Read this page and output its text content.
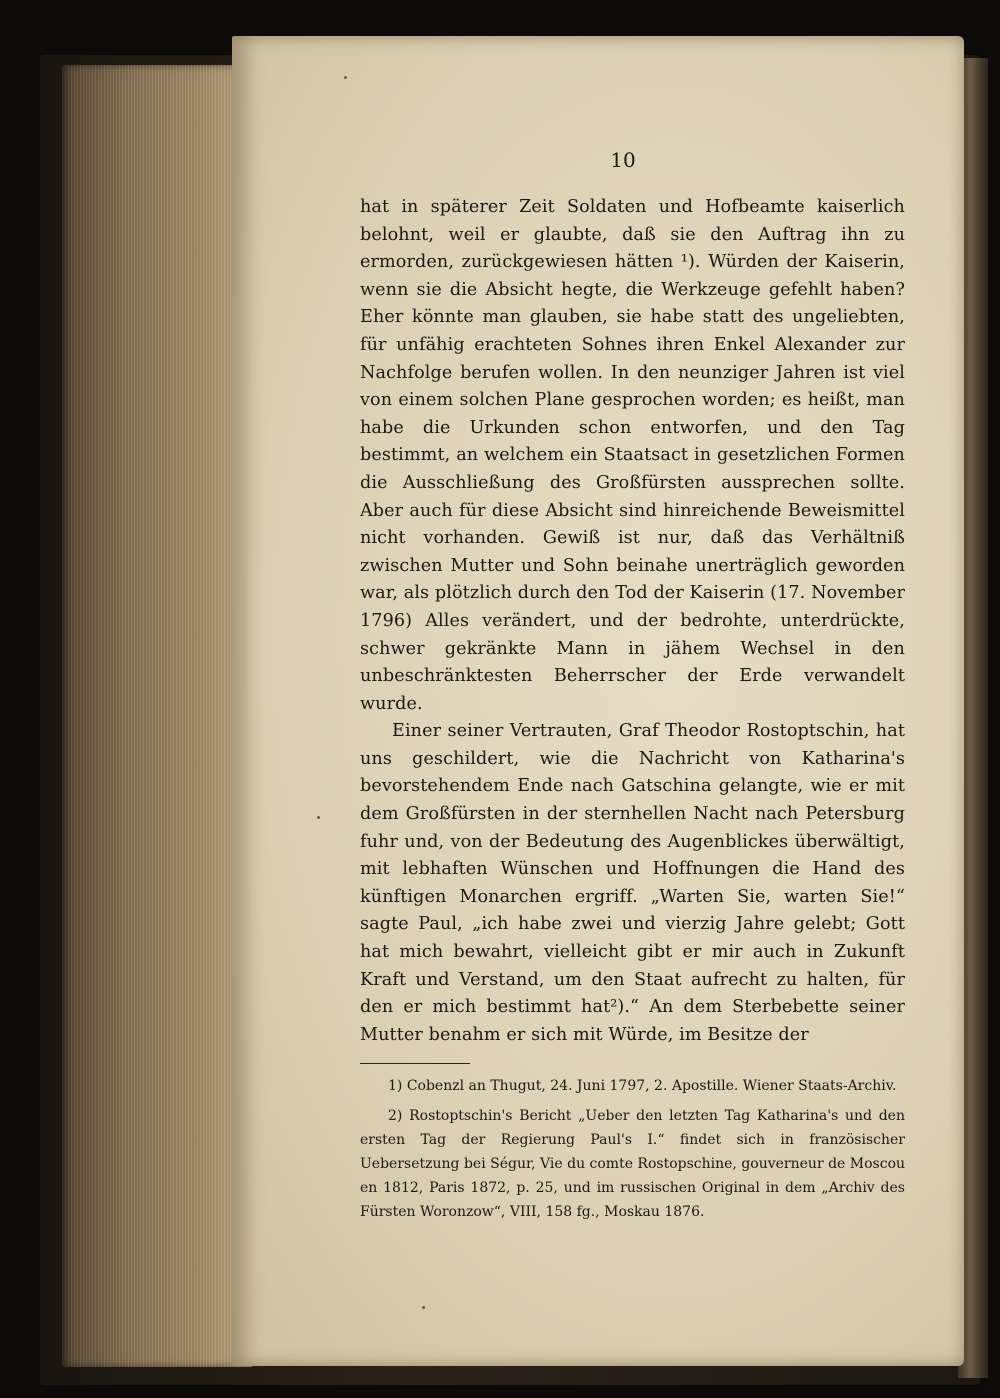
10

hat in späterer Zeit Soldaten und Hofbeamte kaiserlich belohnt, weil er glaubte, daß sie den Auftrag ihn zu ermorden, zurückgewiesen hätten ¹). Würden der Kaiserin, wenn sie die Absicht hegte, die Werkzeuge gefehlt haben? Eher könnte man glauben, sie habe statt des ungeliebten, für unfähig erachteten Sohnes ihren Enkel Alexander zur Nachfolge berufen wollen. In den neunziger Jahren ist viel von einem solchen Plane gesprochen worden; es heißt, man habe die Urkunden schon entworfen, und den Tag bestimmt, an welchem ein Staatsact in gesetzlichen Formen die Ausschließung des Großfürsten aussprechen sollte. Aber auch für diese Absicht sind hinreichende Beweismittel nicht vorhanden. Gewiß ist nur, daß das Verhältniß zwischen Mutter und Sohn beinahe unerträglich geworden war, als plötzlich durch den Tod der Kaiserin (17. November 1796) Alles verändert, und der bedrohte, unterdrückte, schwer gekränkte Mann in jähem Wechsel in den unbeschränktesten Beherrscher der Erde verwandelt wurde.

Einer seiner Vertrauten, Graf Theodor Rostoptschin, hat uns geschildert, wie die Nachricht von Katharina's bevorstehendem Ende nach Gatschina gelangte, wie er mit dem Großfürsten in der sternhellen Nacht nach Petersburg fuhr und, von der Bedeutung des Augenblickes überwältigt, mit lebhaften Wünschen und Hoffnungen die Hand des künftigen Monarchen ergriff. „Warten Sie, warten Sie!“ sagte Paul, „ich habe zwei und vierzig Jahre gelebt; Gott hat mich bewahrt, vielleicht gibt er mir auch in Zukunft Kraft und Verstand, um den Staat aufrecht zu halten, für den er mich bestimmt hat²).“ An dem Sterbebette seiner Mutter benahm er sich mit Würde, im Besitze der

1) Cobenzl an Thugut, 24. Juni 1797, 2. Apostille. Wiener Staats-Archiv.

2) Rostoptschin's Bericht „Ueber den letzten Tag Katharina's und den ersten Tag der Regierung Paul's I.“ findet sich in französischer Uebersetzung bei Ségur, Vie du comte Rostopschine, gouverneur de Moscou en 1812, Paris 1872, p. 25, und im russischen Original in dem „Archiv des Fürsten Woronzow“, VIII, 158 fg., Moskau 1876.
